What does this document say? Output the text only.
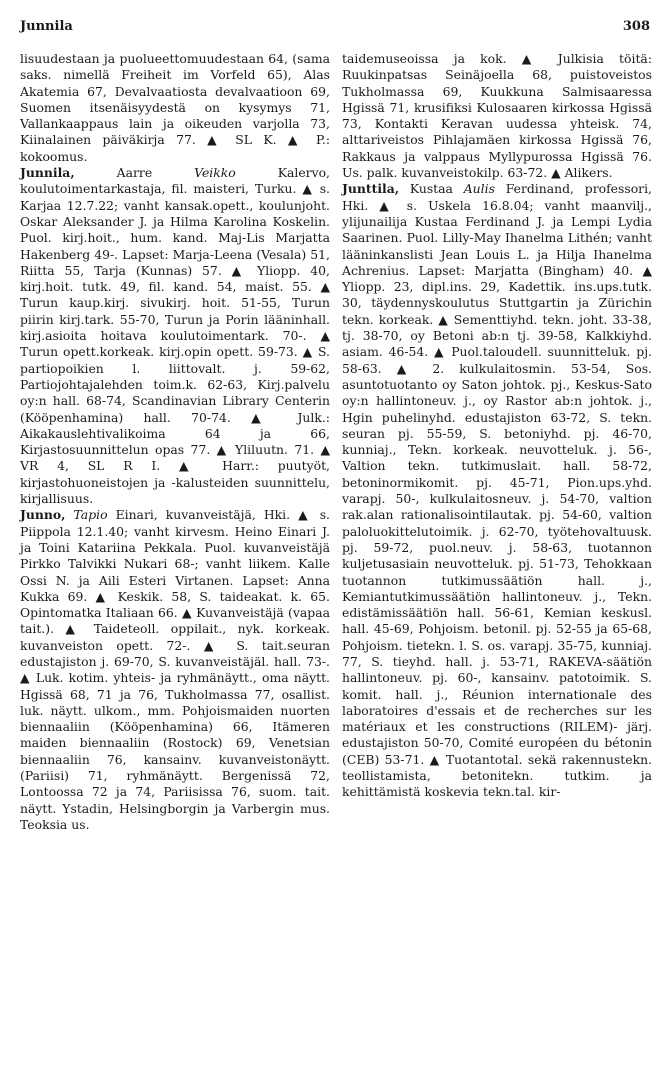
Junnila	308

lisuudestaan ja puolueettomuudestaan 64, (sama saks. nimellä Freiheit im Vorfeld 65), Alas Akatemia 67, Devalvaatiosta devalvaatioon 69, Suomen itsenäisyydestä on kysymys 71, Vallankaappaus lain ja oikeuden varjolla 73, Kiinalainen päiväkirja 77. ▲ SL K. ▲ P.: kokoomus.

Junnila, Aarre Veikko Kalervo, koulutoimentarkastaja, fil. maisteri, Turku. ▲ s. Karjaa 12.7.22; vanht kansak.opett., koulunjoht. Oskar Aleksander J. ja Hilma Karolina Koskelin. Puol. kirj.hoit., hum. kand. Maj-Lis Marjatta Hakenberg 49-. Lapset: Marja-Leena (Vesala) 51, Riitta 55, Tarja (Kunnas) 57. ▲ Yliopp. 40, kirj.hoit. tutk. 49, fil. kand. 54, maist. 55. ▲ Turun kaup.kirj. sivukirj. hoit. 51-55, Turun piirin kirj.tark. 55-70, Turun ja Porin lääninhall. kirj.asioita hoitava koulutoimentark. 70-. ▲ Turun opett.korkeak. kirj.opin opett. 59-73. ▲ S. partiopoikien l. liittovalt. j. 59-62, Partiojohtajalehden toim.k. 62-63, Kirj.palvelu oy:n hall. 68-74, Scandinavian Library Centerin (Kööpenhamina) hall. 70-74. ▲ Julk.: Aikakauslehtivalikoima 64 ja 66, Kirjastosuunnittelun opas 77. ▲ Yliluutn. 71. ▲ VR 4, SL R I. ▲ Harr.: puutyöt, kirjastohuoneistojen ja -kalusteiden suunnittelu, kirjallisuus.

Junno, Tapio Einari, kuvanveistäjä, Hki. ▲ s. Piippola 12.1.40; vanht kirvesm. Heino Einari J. ja Toini Katariina Pekkala. Puol. kuvanveistäjä Pirkko Talvikki Nukari 68-; vanht liikem. Kalle Ossi N. ja Aili Esteri Virtanen. Lapset: Anna Kukka 69. ▲ Keskik. 58, S. taideakat. k. 65. Opintomatka Italiaan 66. ▲ Kuvanveistäjä (vapaa tait.). ▲ Taideteoll. oppilait., nyk. korkeak. kuvanveiston opett. 72-. ▲ S. tait.seuran edustajiston j. 69-70, S. kuvanveistäjäl. hall. 73-. ▲ Luk. kotim. yhteis- ja ryhmänäytt., oma näytt. Hgissä 68, 71 ja 76, Tukholmassa 77, osallist. luk. näytt. ulkom., mm. Pohjoismaiden nuorten biennaaliin (Kööpenhamina) 66, Itämeren maiden biennaaliin (Rostock) 69, Venetsian biennaaliin 76, kansainv. kuvanveistonäytt. (Pariisi) 71, ryhmänäytt. Bergenissä 72, Lontoossa 72 ja 74, Pariisissa 76, suom. tait. näytt. Ystadin, Helsingborgin ja Varbergin mus. Teoksia us.

taidemuseoissa ja kok. ▲ Julkisia töitä: Ruukinpatsas Seinäjoella 68, puistoveistos Tukholmassa 69, Kuukkuna Salmisaaressa Hgissä 71, krusifiksi Kulosaaren kirkossa Hgissä 73, Kontakti Keravan uudessa yhteisk. 74, alttariveistos Pihlajamäen kirkossa Hgissä 76, Rakkaus ja valppaus Myllypurossa Hgissä 76. Us. palk. kuvanveistokilp. 63-72. ▲ Alikers.

Junttila, Kustaa Aulis Ferdinand, professori, Hki. ▲ s. Uskela 16.8.04; vanht maanvilj., ylijunailija Kustaa Ferdinand J. ja Lempi Lydia Saarinen. Puol. Lilly-May Ihanelma Lithén; vanht lääninkanslisti Jean Louis L. ja Hilja Ihanelma Achrenius. Lapset: Marjatta (Bingham) 40. ▲ Yliopp. 23, dipl.ins. 29, Kadettik. ins.ups.tutk. 30, täydennyskoulutus Stuttgartin ja Zürichin tekn. korkeak. ▲ Sementtiyhd. tekn. joht. 33-38, tj. 38-70, oy Betoni ab:n tj. 39-58, Kalkkiyhd. asiam. 46-54. ▲ Puol.taloudell. suunnitteluk. pj. 58-63. ▲ 2. kulkulaitosmin. 53-54, Sos. asuntotuotanto oy Saton johtok. pj., Keskus-Sato oy:n hallintoneuv. j., oy Rastor ab:n johtok. j., Hgin puhelinyhd. edustajiston 63-72, S. tekn. seuran pj. 55-59, S. betoniyhd. pj. 46-70, kunniaj., Tekn. korkeak. neuvotteluk. j. 56-, Valtion tekn. tutkimuslait. hall. 58-72, betoninormikomit. pj. 45-71, Pion.ups.yhd. varapj. 50-, kulkulaitosneuv. j. 54-70, valtion rak.alan rationalisointilautak. pj. 54-60, valtion paloluokittelutoimik. j. 62-70, työtehovaltuusk. pj. 59-72, puol.neuv. j. 58-63, tuotannon kuljetusasiain neuvotteluk. pj. 51-73, Tehokkaan tuotannon tutkimussäätiön hall. j., Kemiantutkimussäätiön hallintoneuv. j., Tekn. edistämissäätiön hall. 56-61, Kemian keskusl. hall. 45-69, Pohjoism. betonil. pj. 52-55 ja 65-68, Pohjoism. tietekn. l. S. os. varapj. 35-75, kunniaj. 77, S. tieyhd. hall. j. 53-71, RAKEVA-säätiön hallintoneuv. pj. 60-, kansainv. patotoimik. S. komit. hall. j., Réunion internationale des laboratoires d'essais et de recherches sur les matériaux et les constructions (RILEM)- järj. edustajiston 50-70, Comité européen du bétonin (CEB) 53-71. ▲ Tuotantotal. sekä rakennustekn. teollistamista, betonitekn. tutkim. ja kehittämistä koskevia tekn.tal. kir-
